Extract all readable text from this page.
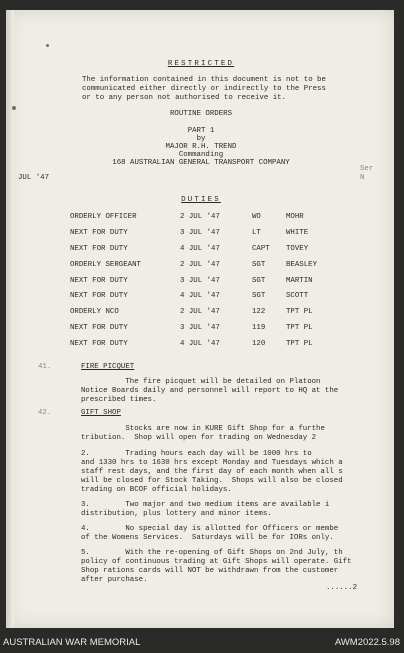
RESTRICTED
The information contained in this document is not to be
communicated either directly or indirectly to the Press
or to any person not authorised to receive it.
ROUTINE ORDERS
PART 1
by
MAJOR R.H. TREND
Commanding
168 AUSTRALIAN GENERAL TRANSPORT COMPANY
Ser
N
JUL '47
DUTIES
41.	FIRE PICQUET
The fire picquet will be detailed on Platoon
Notice Boards daily and personnel will report to HQ at the
prescribed times.
42.	GIFT SHOP
Stocks are now in KURE Gift Shop for a furthe
tribution.  Shop will open for trading on Wednesday 2
2.        Trading hours each day will be 1000 hrs to
and 1330 hrs to 1630 hrs except Monday and Tuesdays which a
staff rest days, and the first day of each month when all s
will be closed for Stock Taking.  Shops will also be closed
trading on BCOF official holidays.
3.        Two major and two medium items are available i
distribution, plus lottery and minor items.
4.        No special day is allotted for Officers or membe
of the Womens Services.  Saturdays will be for IORs only.
5.        With the re-opening of Gift Shops on 2nd July, th
policy of continuous trading at Gift Shops will operate. Gift
Shop rations cards will NOT be withdrawn from the customer
after purchase.
......2
ORDERLY OFFICER	2 JUL '47	WO	MOHR
NEXT FOR DUTY	3 JUL '47	LT	WHITE
NEXT FOR DUTY	4 JUL '47	CAPT	TOVEY
ORDERLY SERGEANT	2 JUL '47	SGT	BEASLEY
NEXT FOR DUTY	3 JUL '47	SGT	MARTIN
NEXT FOR DUTY	4 JUL '47	SGT	SCOTT
ORDERLY NCO	2 JUL '47	122	TPT PL
NEXT FOR DUTY	3 JUL '47	119	TPT PL
NEXT FOR DUTY	4 JUL '47	120	TPT PL
AUSTRALIAN WAR MEMORIAL	AWM2022.5.98
